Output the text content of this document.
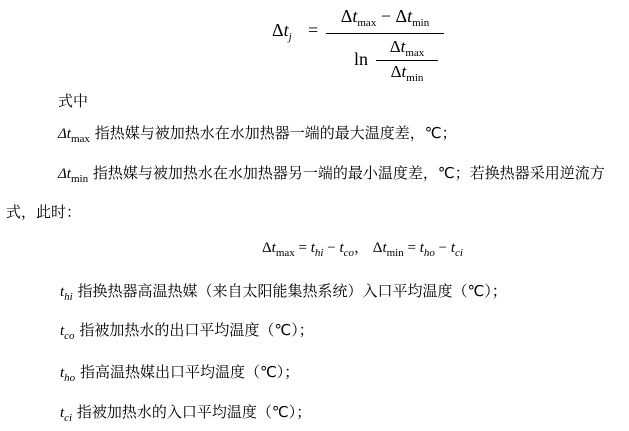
$\Delta t_j$ =
$\Delta t_{max} - \Delta t_{min}$
ln
$\Delta t_{max}$
$\Delta t_{min}$
式中
$\Delta t_{max}$ 指热媒与被加热水在水加热器一端的最大温度差，℃；
$\Delta t_{min}$ 指热媒与被加热水在水加热器另一端的最小温度差，℃；若换热器采用逆流方
式，此时：
$\Delta t_{max} = t_{hi} - t_{co}$， $\Delta t_{min} = t_{ho} - t_{ci}$
$t_{hi}$ 指换热器高温热媒（来自太阳能集热系统）入口平均温度（℃）；
$t_{co}$ 指被加热水的出口平均温度（℃）；
$t_{ho}$ 指高温热媒出口平均温度（℃）；
$t_{ci}$ 指被加热水的入口平均温度（℃）；
